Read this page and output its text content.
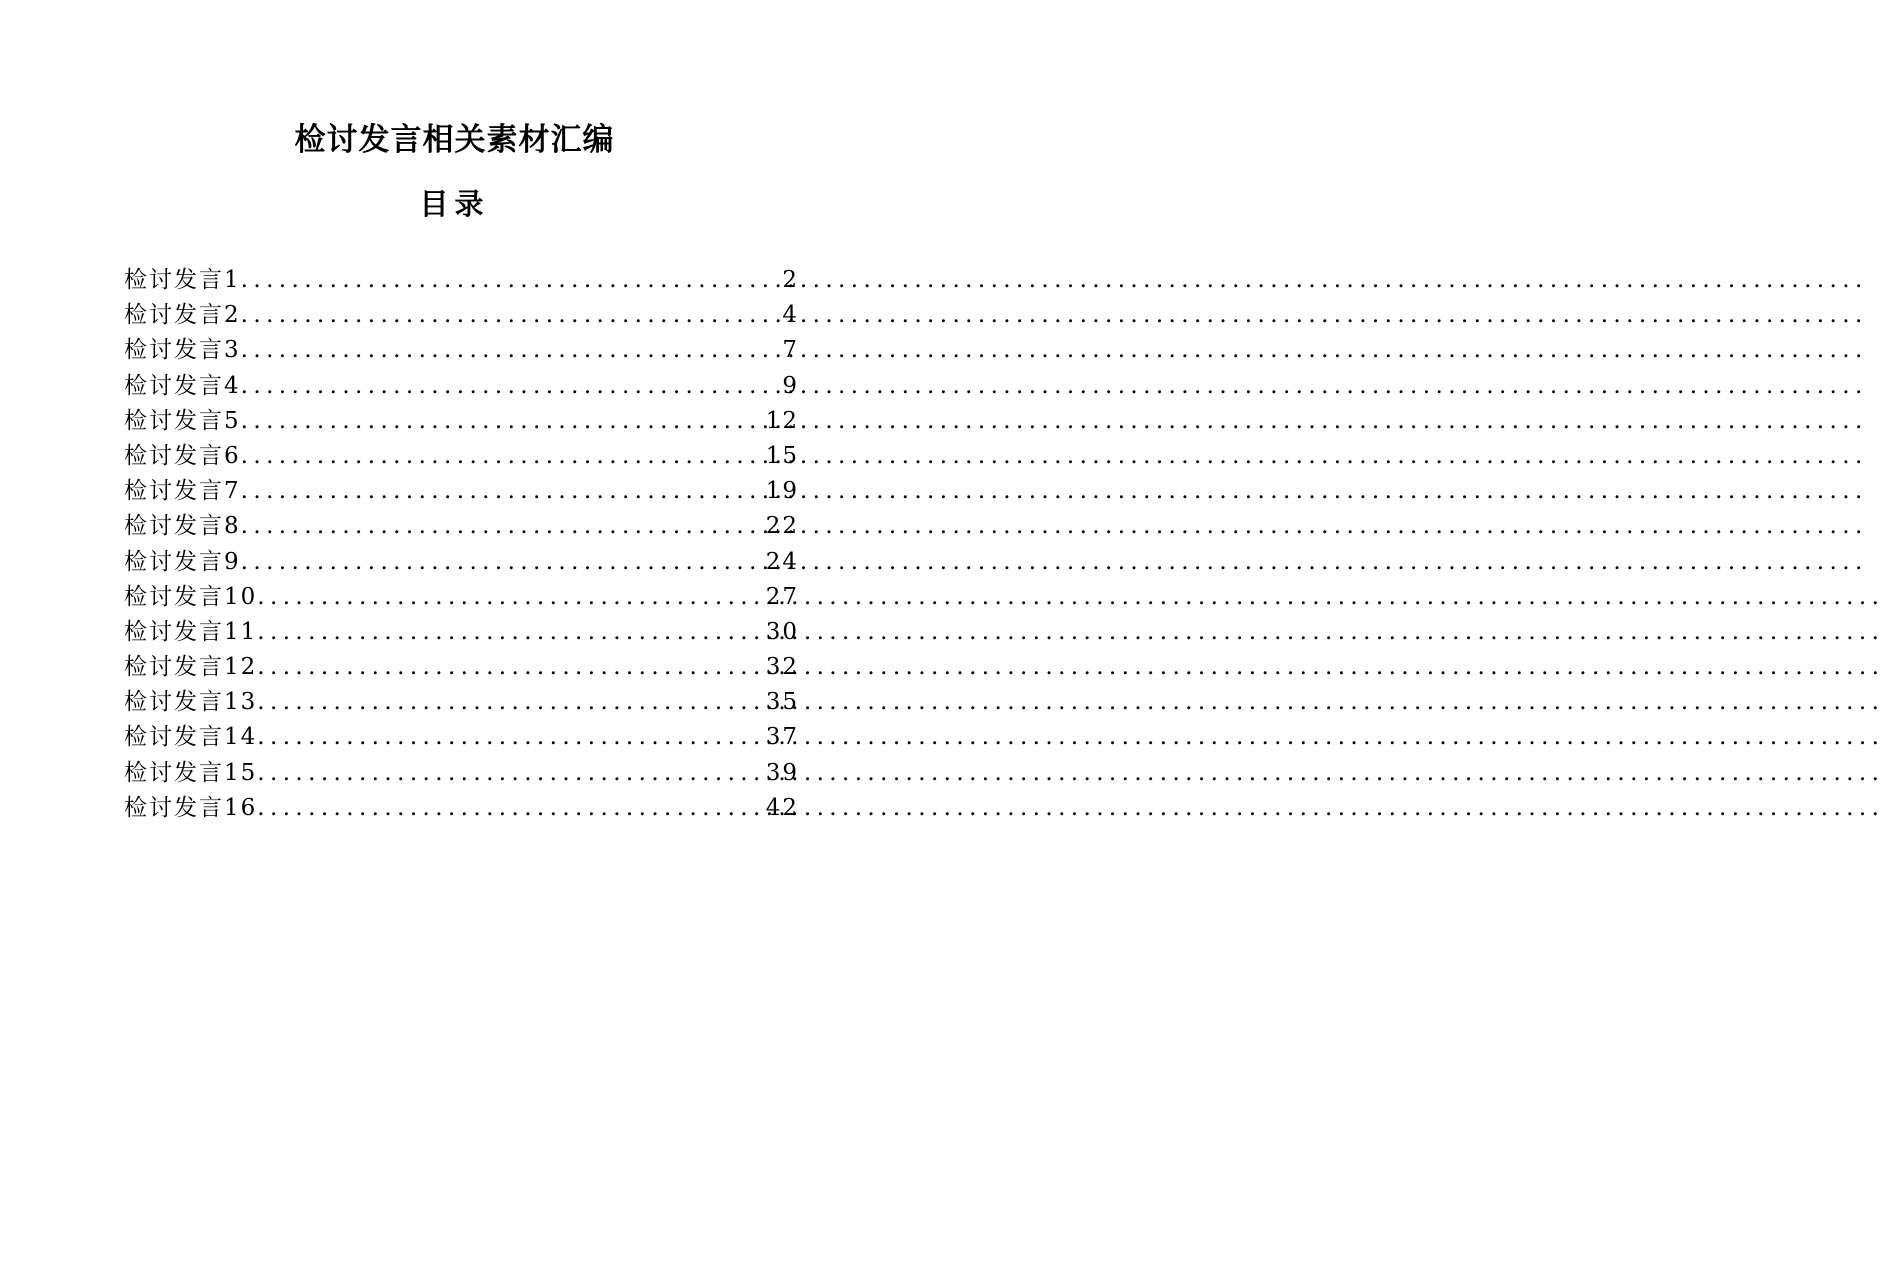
检讨发言相关素材汇编
目录
检讨发言1 .....	2
检讨发言2 .....	4
检讨发言3 .....	7
检讨发言4 .....	9
检讨发言5 .....	12
检讨发言6 .....	15
检讨发言7 .....	19
检讨发言8 .....	22
检讨发言9 .....	24
检讨发言10 .....	27
检讨发言11 .....	30
检讨发言12 .....	32
检讨发言13 .....	35
检讨发言14 .....	37
检讨发言15 .....	39
检讨发言16 .....	42
